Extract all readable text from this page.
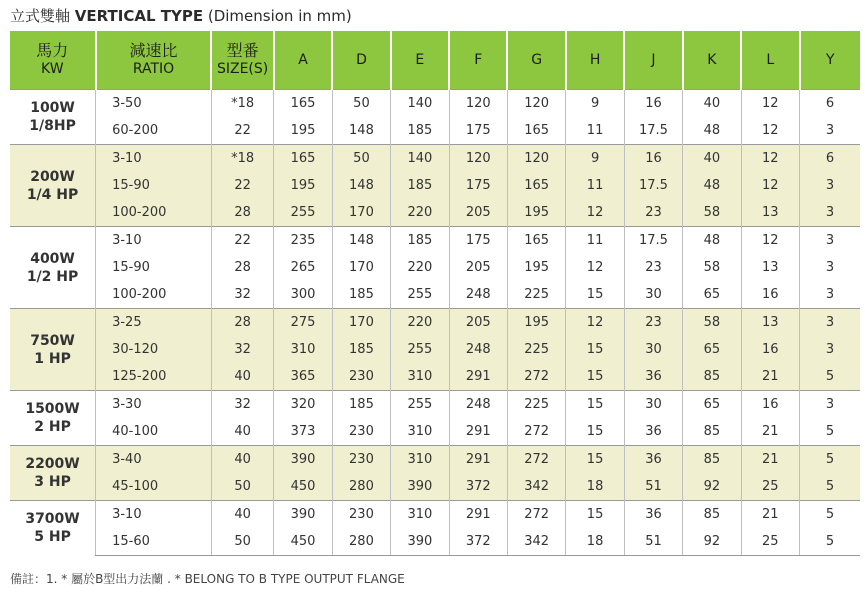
立式雙軸 VERTICAL TYPE (Dimension in mm)
馬力
KW	減速比
RATIO	型番
SIZE(S)	A	D	E	F	G	H	J	K	L	Y
100W
1/8HP	3-50	*18	165	50	140	120	120	9	16	40	12	6
	60-200	22	195	148	185	175	165	11	17.5	48	12	3
200W
1/4 HP	3-10	*18	165	50	140	120	120	9	16	40	12	6
	15-90	22	195	148	185	175	165	11	17.5	48	12	3
	100-200	28	255	170	220	205	195	12	23	58	13	3
400W
1/2 HP	3-10	22	235	148	185	175	165	11	17.5	48	12	3
	15-90	28	265	170	220	205	195	12	23	58	13	3
	100-200	32	300	185	255	248	225	15	30	65	16	3
750W
1 HP	3-25	28	275	170	220	205	195	12	23	58	13	3
	30-120	32	310	185	255	248	225	15	30	65	16	3
	125-200	40	365	230	310	291	272	15	36	85	21	5
1500W
2 HP	3-30	32	320	185	255	248	225	15	30	65	16	3
	40-100	40	373	230	310	291	272	15	36	85	21	5
2200W
3 HP	3-40	40	390	230	310	291	272	15	36	85	21	5
	45-100	50	450	280	390	372	342	18	51	92	25	5
3700W
5 HP	3-10	40	390	230	310	291	272	15	36	85	21	5
	15-60	50	450	280	390	372	342	18	51	92	25	5
備註：1. * 屬於B型出力法蘭 . * BELONG TO B TYPE OUTPUT FLANGE
